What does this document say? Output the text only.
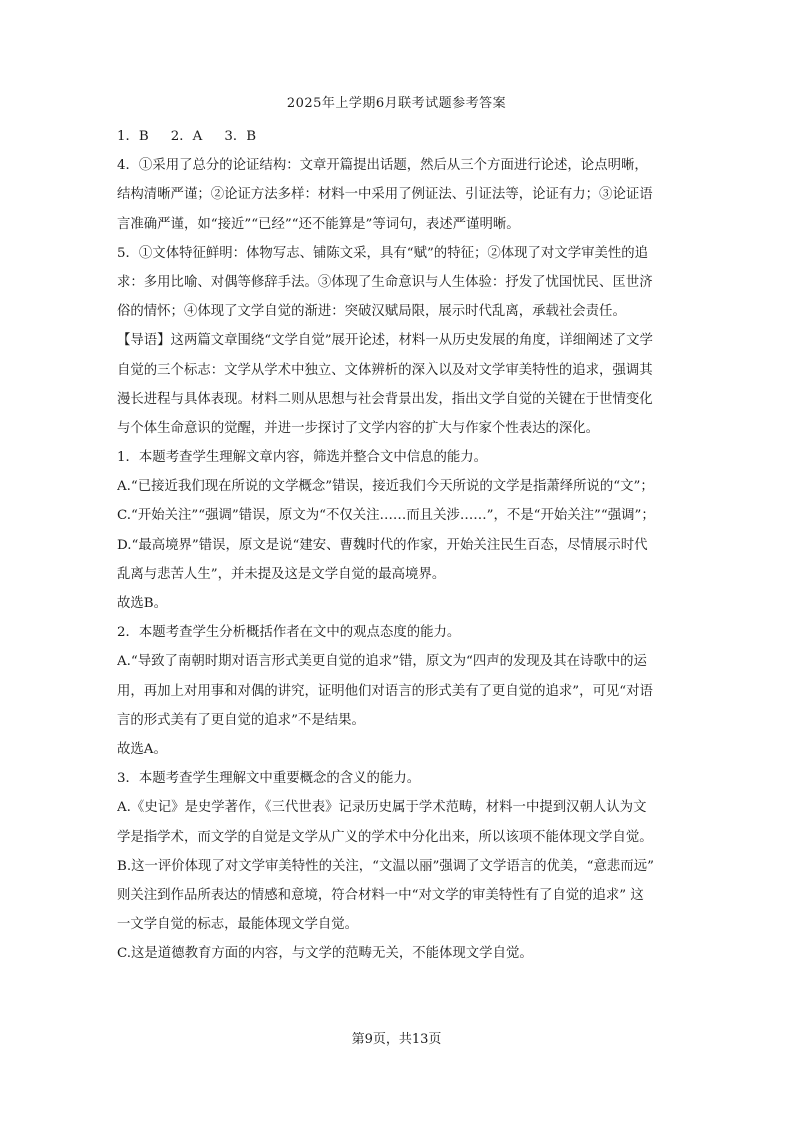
2025年上学期6月联考试题参考答案
1．B 2．A 3．B
4．①采用了总分的论证结构：文章开篇提出话题，然后从三个方面进行论述，论点明晰，
结构清晰严谨；②论证方法多样：材料一中采用了例证法、引证法等，论证有力；③论证语
言准确严谨，如“接近”“已经”“还不能算是”等词句，表述严谨明晰。
5．①文体特征鲜明：体物写志、铺陈文采，具有“赋”的特征；②体现了对文学审美性的追
求：多用比喻、对偶等修辞手法。③体现了生命意识与人生体验：抒发了忧国忧民、匡世济
俗的情怀；④体现了文学自觉的渐进：突破汉赋局限，展示时代乱离，承载社会责任。
【导语】这两篇文章围绕“文学自觉”展开论述，材料一从历史发展的角度，详细阐述了文学
自觉的三个标志：文学从学术中独立、文体辨析的深入以及对文学审美特性的追求，强调其
漫长进程与具体表现。材料二则从思想与社会背景出发，指出文学自觉的关键在于世情变化
与个体生命意识的觉醒，并进一步探讨了文学内容的扩大与作家个性表达的深化。
1．本题考查学生理解文章内容，筛选并整合文中信息的能力。
A.“已接近我们现在所说的文学概念”错误，接近我们今天所说的文学是指萧绎所说的“文”；
C.“开始关注”“强调”错误，原文为“不仅关注……而且关涉……”，不是“开始关注”“强调”；
D.“最高境界”错误，原文是说“建安、曹魏时代的作家，开始关注民生百态，尽情展示时代
乱离与悲苦人生”，并未提及这是文学自觉的最高境界。
故选B。
2．本题考查学生分析概括作者在文中的观点态度的能力。
A.“导致了南朝时期对语言形式美更自觉的追求”错，原文为“四声的发现及其在诗歌中的运
用，再加上对用事和对偶的讲究，证明他们对语言的形式美有了更自觉的追求”，可见“对语
言的形式美有了更自觉的追求”不是结果。
故选A。
3．本题考查学生理解文中重要概念的含义的能力。
A.《史记》是史学著作，《三代世表》记录历史属于学术范畴，材料一中提到汉朝人认为文
学是指学术，而文学的自觉是文学从广义的学术中分化出来，所以该项不能体现文学自觉。
B.这一评价体现了对文学审美特性的关注，“文温以丽”强调了文学语言的优美，“意悲而远”
则关注到作品所表达的情感和意境，符合材料一中“对文学的审美特性有了自觉的追求” 这
一文学自觉的标志，最能体现文学自觉。
C.这是道德教育方面的内容，与文学的范畴无关，不能体现文学自觉。
第9页，共13页
